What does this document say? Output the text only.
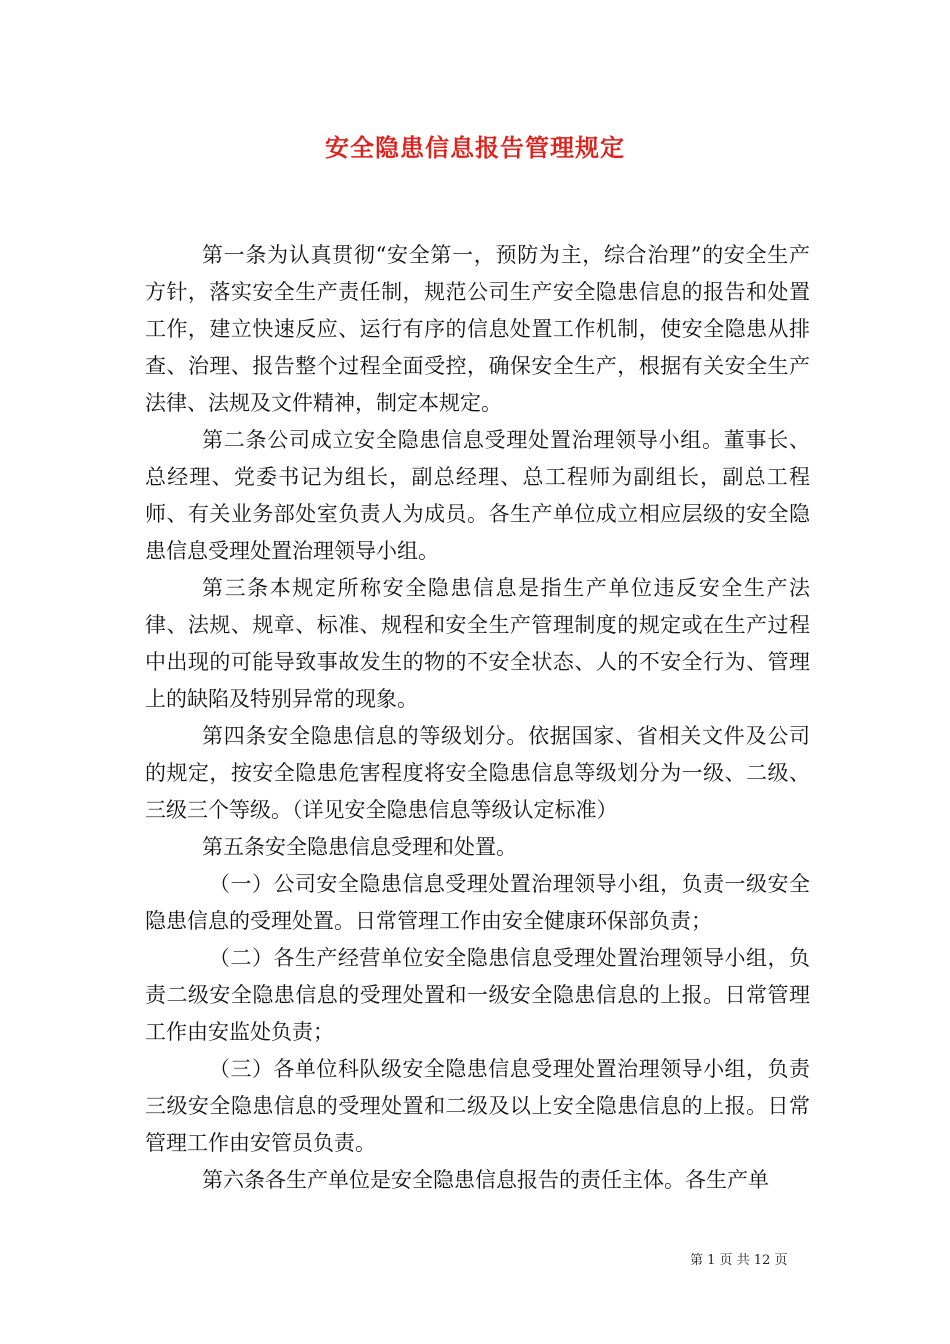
安全隐患信息报告管理规定

第一条为认真贯彻“安全第一，预防为主，综合治理”的安全生产方针，落实安全生产责任制，规范公司生产安全隐患信息的报告和处置工作，建立快速反应、运行有序的信息处置工作机制，使安全隐患从排查、治理、报告整个过程全面受控，确保安全生产，根据有关安全生产法律、法规及文件精神，制定本规定。

第二条公司成立安全隐患信息受理处置治理领导小组。董事长、总经理、党委书记为组长，副总经理、总工程师为副组长，副总工程师、有关业务部处室负责人为成员。各生产单位成立相应层级的安全隐患信息受理处置治理领导小组。

第三条本规定所称安全隐患信息是指生产单位违反安全生产法律、法规、规章、标准、规程和安全生产管理制度的规定或在生产过程中出现的可能导致事故发生的物的不安全状态、人的不安全行为、管理上的缺陷及特别异常的现象。

第四条安全隐患信息的等级划分。依据国家、省相关文件及公司的规定，按安全隐患危害程度将安全隐患信息等级划分为一级、二级、三级三个等级。（详见安全隐患信息等级认定标准）

第五条安全隐患信息受理和处置。

（一）公司安全隐患信息受理处置治理领导小组，负责一级安全隐患信息的受理处置。日常管理工作由安全健康环保部负责；

（二）各生产经营单位安全隐患信息受理处置治理领导小组，负责二级安全隐患信息的受理处置和一级安全隐患信息的上报。日常管理工作由安监处负责；

（三）各单位科队级安全隐患信息受理处置治理领导小组，负责三级安全隐患信息的受理处置和二级及以上安全隐患信息的上报。日常管理工作由安管员负责。

第六条各生产单位是安全隐患信息报告的责任主体。各生产单

第 1 页 共 12 页
